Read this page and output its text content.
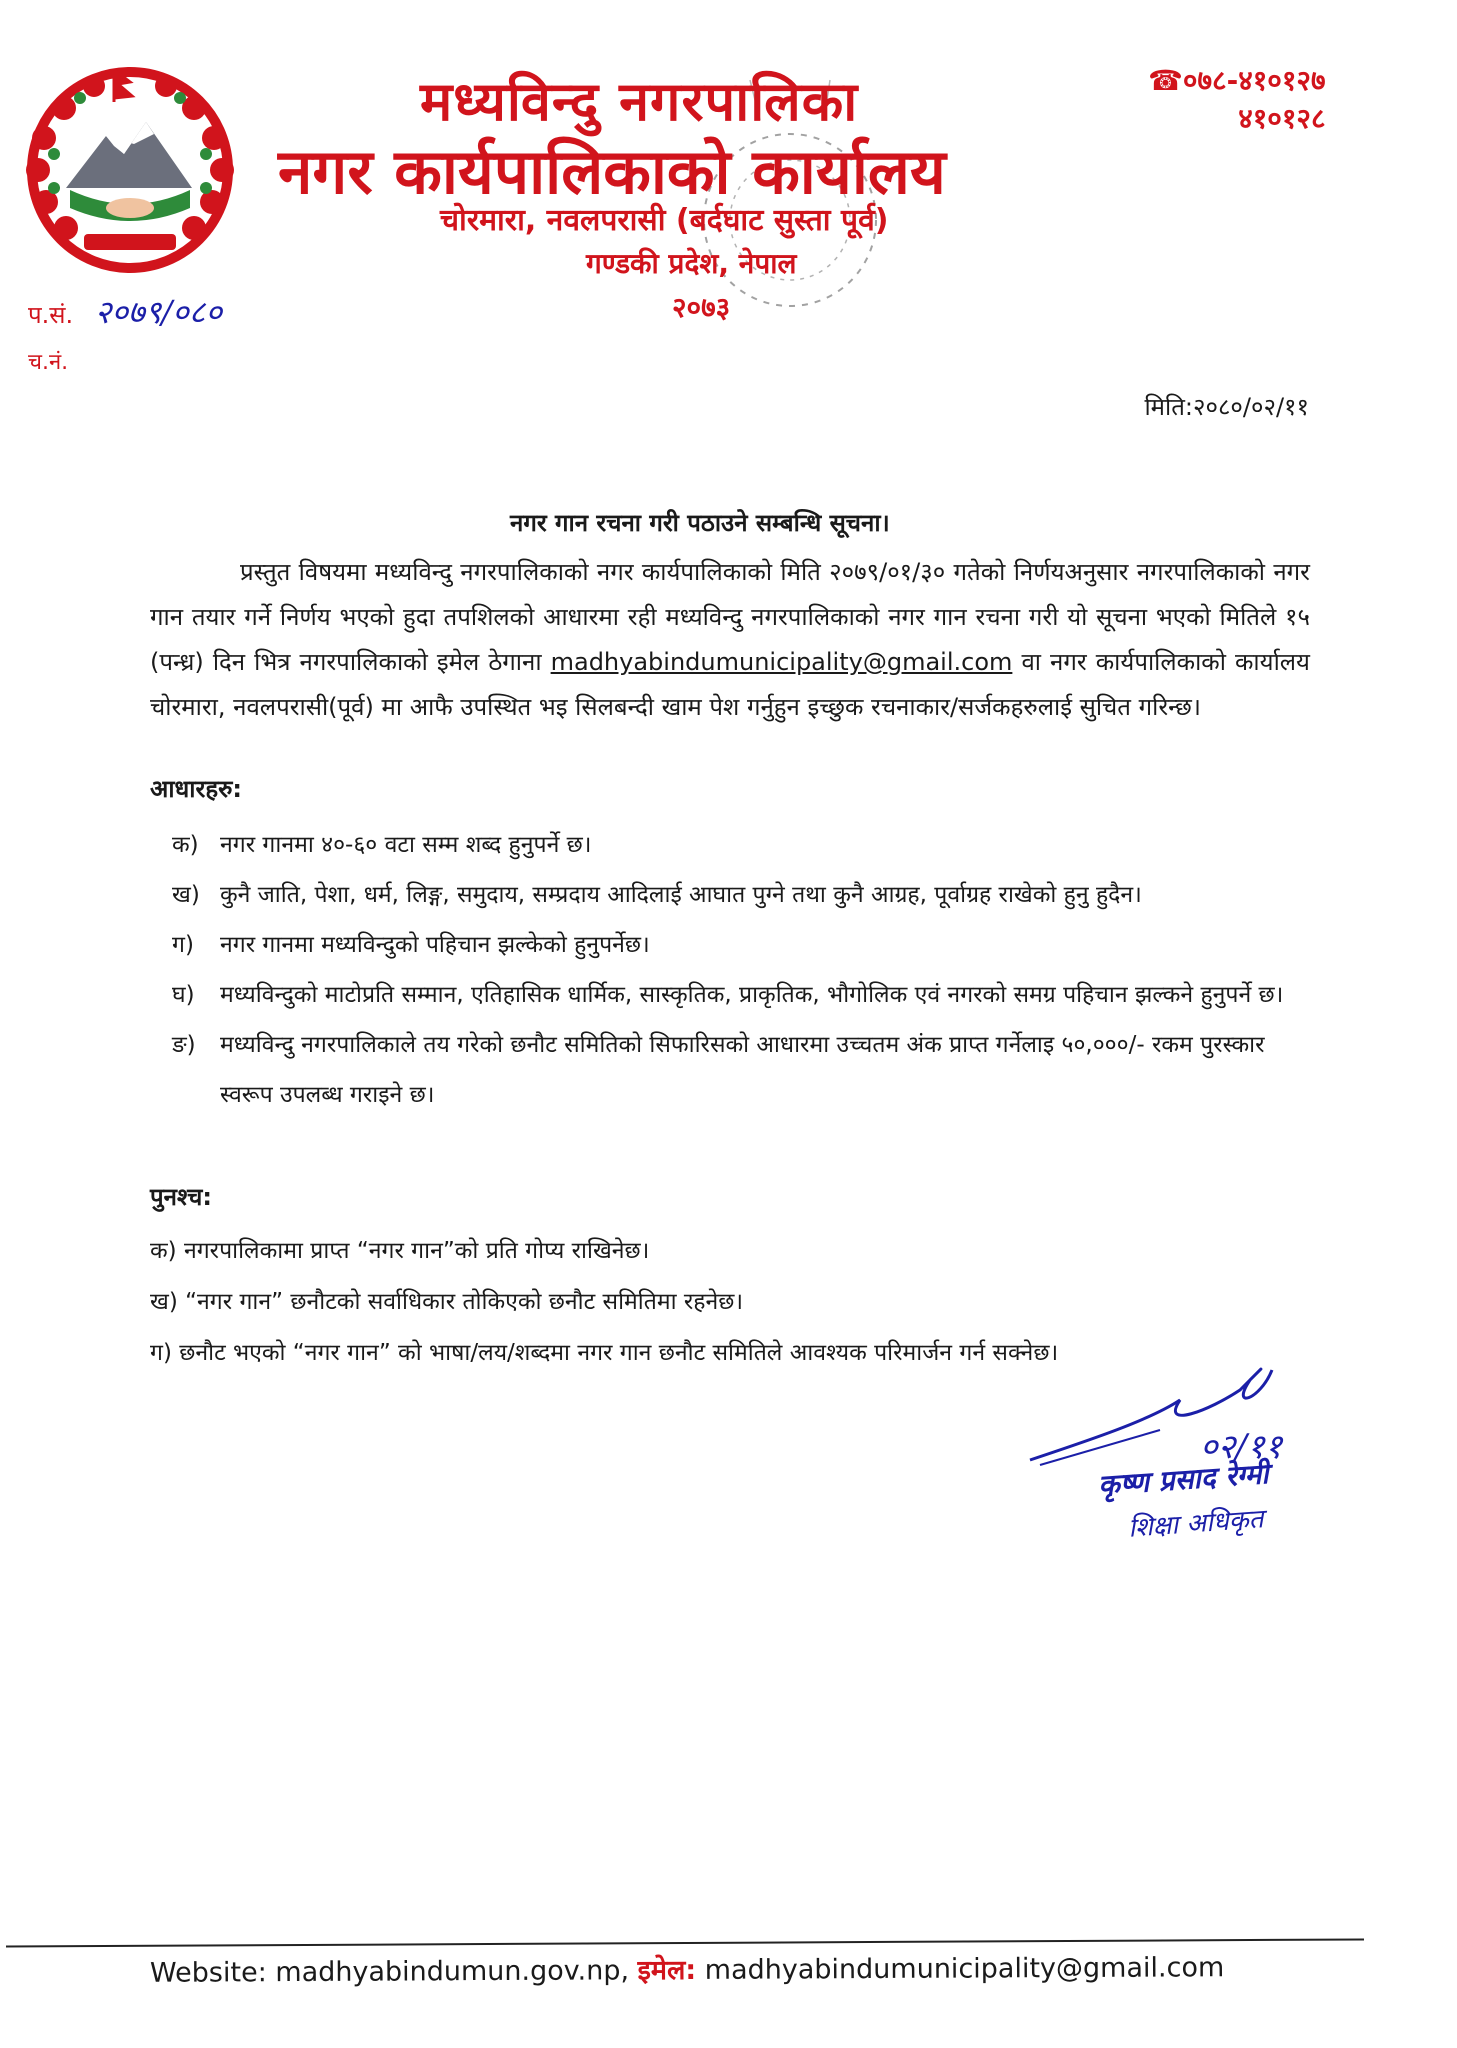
मध्यविन्दु नगरपालिका
नगर कार्यपालिकाको कार्यालय
चोरमारा, नवलपरासी (बर्दघाट सुस्ता पूर्व)
गण्डकी प्रदेश, नेपाल
२०७३
☎०७८-४१०१२७
४१०१२८
प.सं. २०७९/०८०
च.नं.
मिति:२०८०/०२/११
नगर गान रचना गरी पठाउने सम्बन्धि सूचना।
प्रस्तुत विषयमा मध्यविन्दु नगरपालिकाको नगर कार्यपालिकाको मिति २०७९/०१/३० गतेको निर्णयअनुसार नगरपालिकाको नगर गान तयार गर्ने निर्णय भएको हुदा तपशिलको आधारमा रही मध्यविन्दु नगरपालिकाको नगर गान रचना गरी यो सूचना भएको मितिले १५ (पन्ध्र) दिन भित्र नगरपालिकाको इमेल ठेगाना madhyabindumunicipality@gmail.com वा नगर कार्यपालिकाको कार्यालय चोरमारा, नवलपरासी(पूर्व) मा आफै उपस्थित भइ सिलबन्दी खाम पेश गर्नुहुन इच्छुक रचनाकार/सर्जकहरुलाई सुचित गरिन्छ।
आधारहरु:
क) नगर गानमा ४०-६० वटा सम्म शब्द हुनुपर्ने छ।
ख) कुनै जाति, पेशा, धर्म, लिङ्ग, समुदाय, सम्प्रदाय आदिलाई आघात पुग्ने तथा कुनै आग्रह, पूर्वाग्रह राखेको हुनु हुदैन।
ग)	नगर गानमा मध्यविन्दुको पहिचान झल्केको हुनुपर्नेछ।
घ)	मध्यविन्दुको माटोप्रति सम्मान, एतिहासिक धार्मिक, सास्कृतिक, प्राकृतिक, भौगोलिक एवं नगरको समग्र पहिचान झल्कने हुनुपर्ने छ।
ङ)	मध्यविन्दु नगरपालिकाले तय गरेको छनौट समितिको सिफारिसको आधारमा उच्चतम अंक प्राप्त गर्नेलाइ ५०,०००/- रकम पुरस्कार स्वरूप उपलब्ध गराइने छ।
पुनश्च:
क) नगरपालिकामा प्राप्त “नगर गान”को प्रति गोप्य राखिनेछ।
ख) “नगर गान” छनौटको सर्वाधिकार तोकिएको छनौट समितिमा रहनेछ।
ग) छनौट भएको “नगर गान” को भाषा/लय/शब्दमा नगर गान छनौट समितिले आवश्यक परिमार्जन गर्न सक्नेछ।
०२/११
कृष्ण प्रसाद रेग्मी
शिक्षा अधिकृत
Website: madhyabindumun.gov.np, इमेल: madhyabindumunicipality@gmail.com
